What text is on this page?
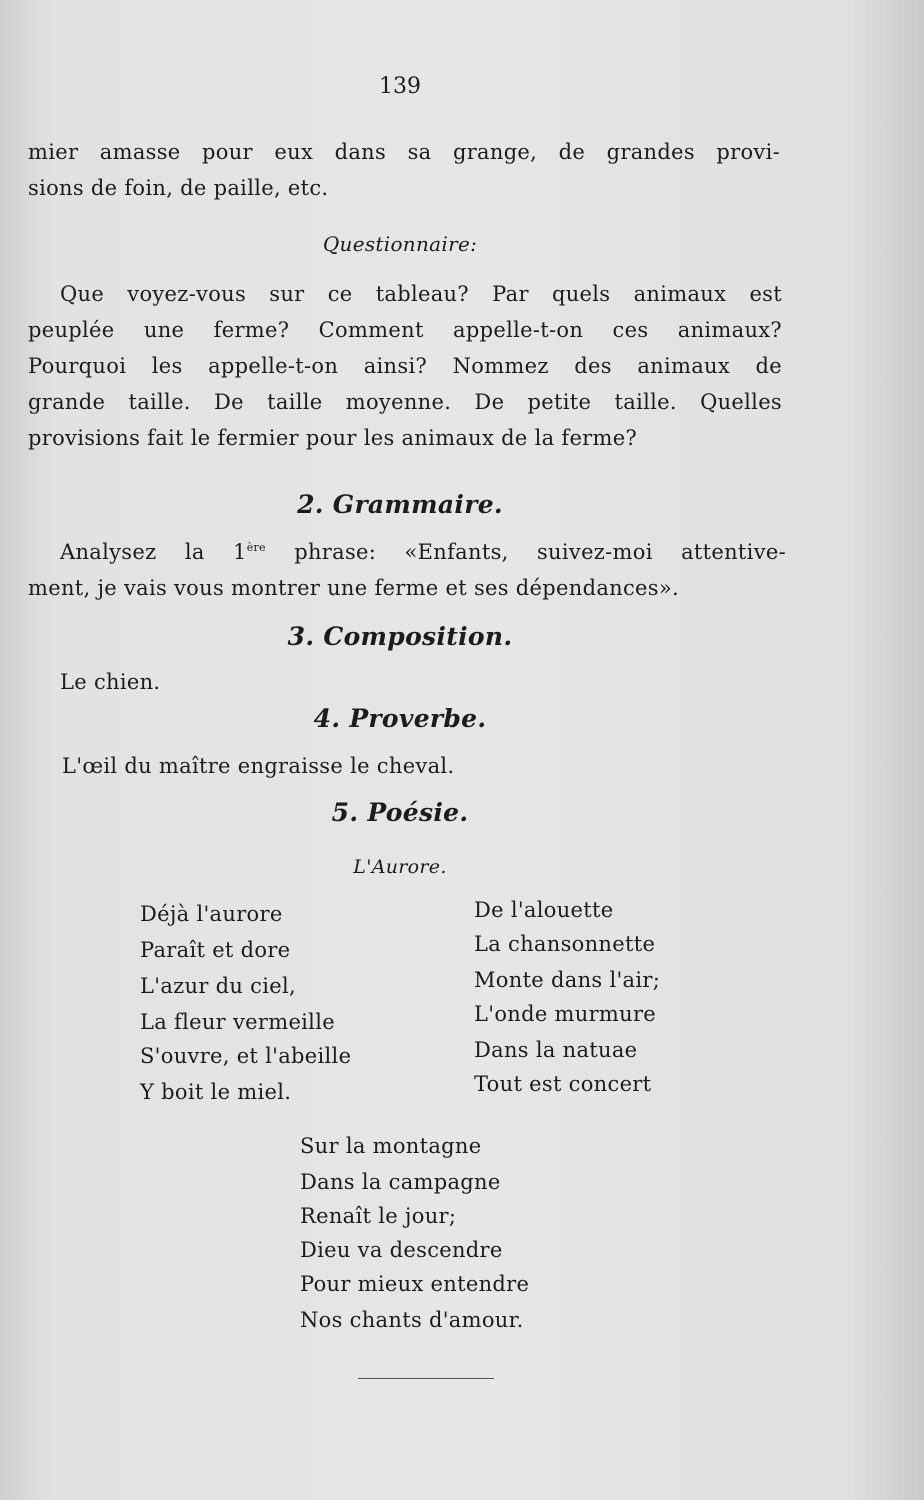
139
mier amasse pour eux dans sa grange, de grandes provi-
sions de foin, de paille, etc.
Questionnaire:
Que voyez-vous sur ce tableau? Par quels animaux est
peuplée une ferme? Comment appelle-t-on ces animaux?
Pourquoi les appelle-t-on ainsi? Nommez des animaux de
grande taille. De taille moyenne. De petite taille. Quelles
provisions fait le fermier pour les animaux de la ferme?
2. Grammaire.
Analysez la 1ère phrase: «Enfants, suivez-moi attentive-
ment, je vais vous montrer une ferme et ses dépendances».
3. Composition.
Le chien.
4. Proverbe.
L'œil du maître engraisse le cheval.
5. Poésie.
L'Aurore.
Déjà l'aurore
Paraît et dore
L'azur du ciel,
La fleur vermeille
S'ouvre, et l'abeille
Y boit le miel.
De l'alouette
La chansonnette
Monte dans l'air;
L'onde murmure
Dans la natuae
Tout est concert
Sur la montagne
Dans la campagne
Renaît le jour;
Dieu va descendre
Pour mieux entendre
Nos chants d'amour.
